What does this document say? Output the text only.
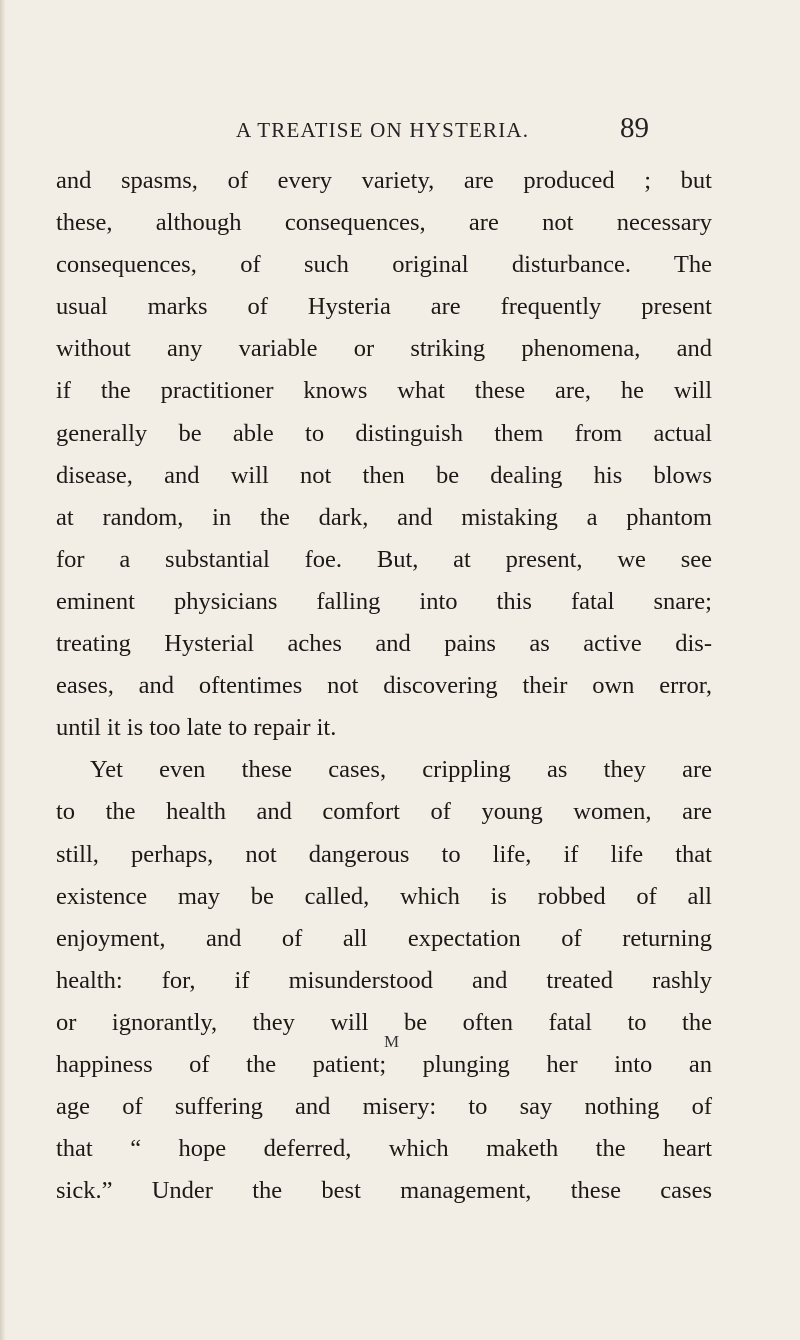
A TREATISE ON HYSTERIA.	89
and spasms, of every variety, are produced ; but
these, although consequences, are not necessary
consequences, of such original disturbance. The
usual marks of Hysteria are frequently present
without any variable or striking phenomena, and
if the practitioner knows what these are, he will
generally be able to distinguish them from actual
disease, and will not then be dealing his blows
at random, in the dark, and mistaking a phantom
for a substantial foe. But, at present, we see
eminent physicians falling into this fatal snare;
treating Hysterial aches and pains as active dis-
eases, and oftentimes not discovering their own error,
until it is too late to repair it.
Yet even these cases, crippling as they are
to the health and comfort of young women, are
still, perhaps, not dangerous to life, if life that
existence may be called, which is robbed of all
enjoyment, and of all expectation of returning
health: for, if misunderstood and treated rashly
or ignorantly, they will be often fatal to the
happiness of the patient; plunging her into an
age of suffering and misery: to say nothing of
that “ hope deferred, which maketh the heart
sick.” Under the best management, these cases
M
